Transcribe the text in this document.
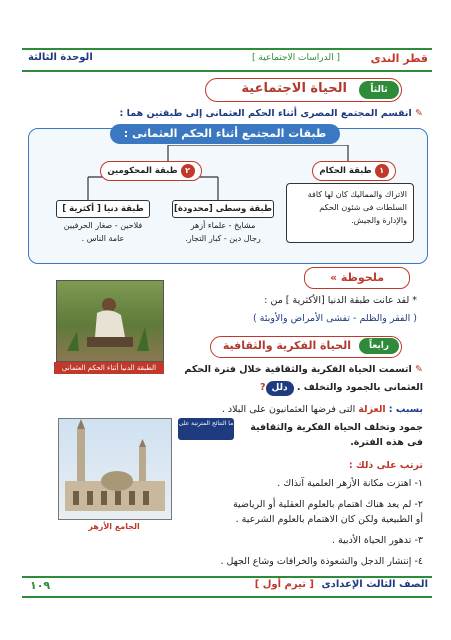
قطر الندى
[ الدراسات الاجتماعية ]
الوحدة الثالثة
ثالثاً
الحياة الاجتماعية
✎ انقسم المجتمع المصرى أثناء الحكم العثمانى إلى طبقتين هما :
طبقات المجتمع أثناء الحكم العثمانى :
١ طبقة الحكام
الاتراك والمماليك كان لها كافة السلطات فى شئون الحكم والإدارة والجيش.
٢ طبقة المحكومين
طبقة وسطى [محدودة]
مشايخ - علماء أزهر
رجال دين - كبار التجار.
طبقة دنيا [ أكثرية ]
فلاحين - صغار الحرفيين
عامة الناس .
ملحوظة »
* لقد عانت طبقة الدنيا [الأكثرية ] من :
( الفقر والظلم - تفشى الأمراض والأوبئة )
الطبقة الدنيا أثناء الحكم العثمانى
رابعاً
الحياة الفكرية والثقافية
✎ اتسمت الحياة الفكرية والثقافية خلال فترة الحكم
العثمانى بالجمود والتخلف . دلل?
بسبب : العزلة التى فرضها العثمانيون على البلاد .
ما النتائج المترتبة على	جمود وتخلف الحياة الفكرية والثقافية
فى هذه الفترة.
ترتب على ذلك :
١- اهتزت مكانة الأزهر العلمية آنذاك .
٢- لم يعد هناك اهتمام بالعلوم العقلية أو الرياضية
أو الطبيعية ولكن كان الاهتمام بالعلوم الشرعية .
٣- تدهور الحياة الأدبية .
٤- إنتشار الدجل والشعوذة والخرافات وشاع الجهل .
الجامع الأزهر
الصف الثالث الإعدادى
[ تيرم أول ]
١٠٩
